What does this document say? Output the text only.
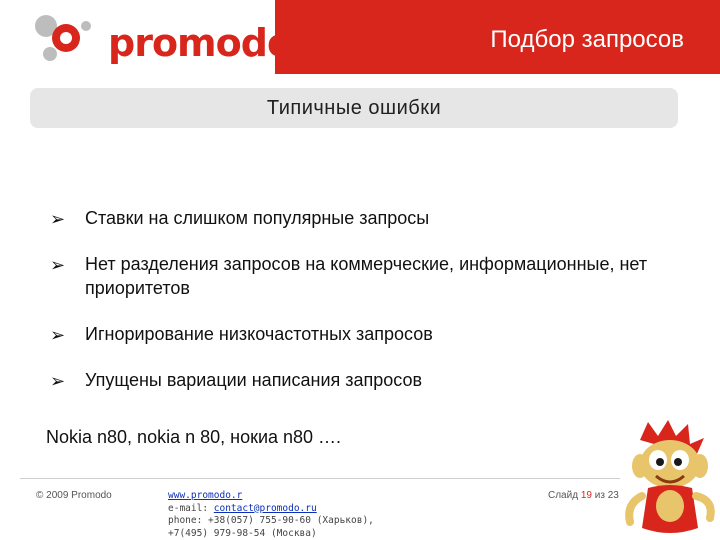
promodo	Подбор запросов
Типичные ошибки
➢ Ставки на слишком популярные запросы
➢ Нет разделения запросов на коммерческие, информационные, нет приоритетов
➢ Игнорирование низкочастотных запросов
➢ Упущены вариации написания запросов
Nokia n80, nokia n 80, нокиа n80 ….
© 2009 Promodo	www.promodo.r
e-mail: contact@promodo.ru
phone: +38(057) 755-90-60 (Харьков),
+7(495) 979-98-54 (Москва)
Слайд 19 из 23
